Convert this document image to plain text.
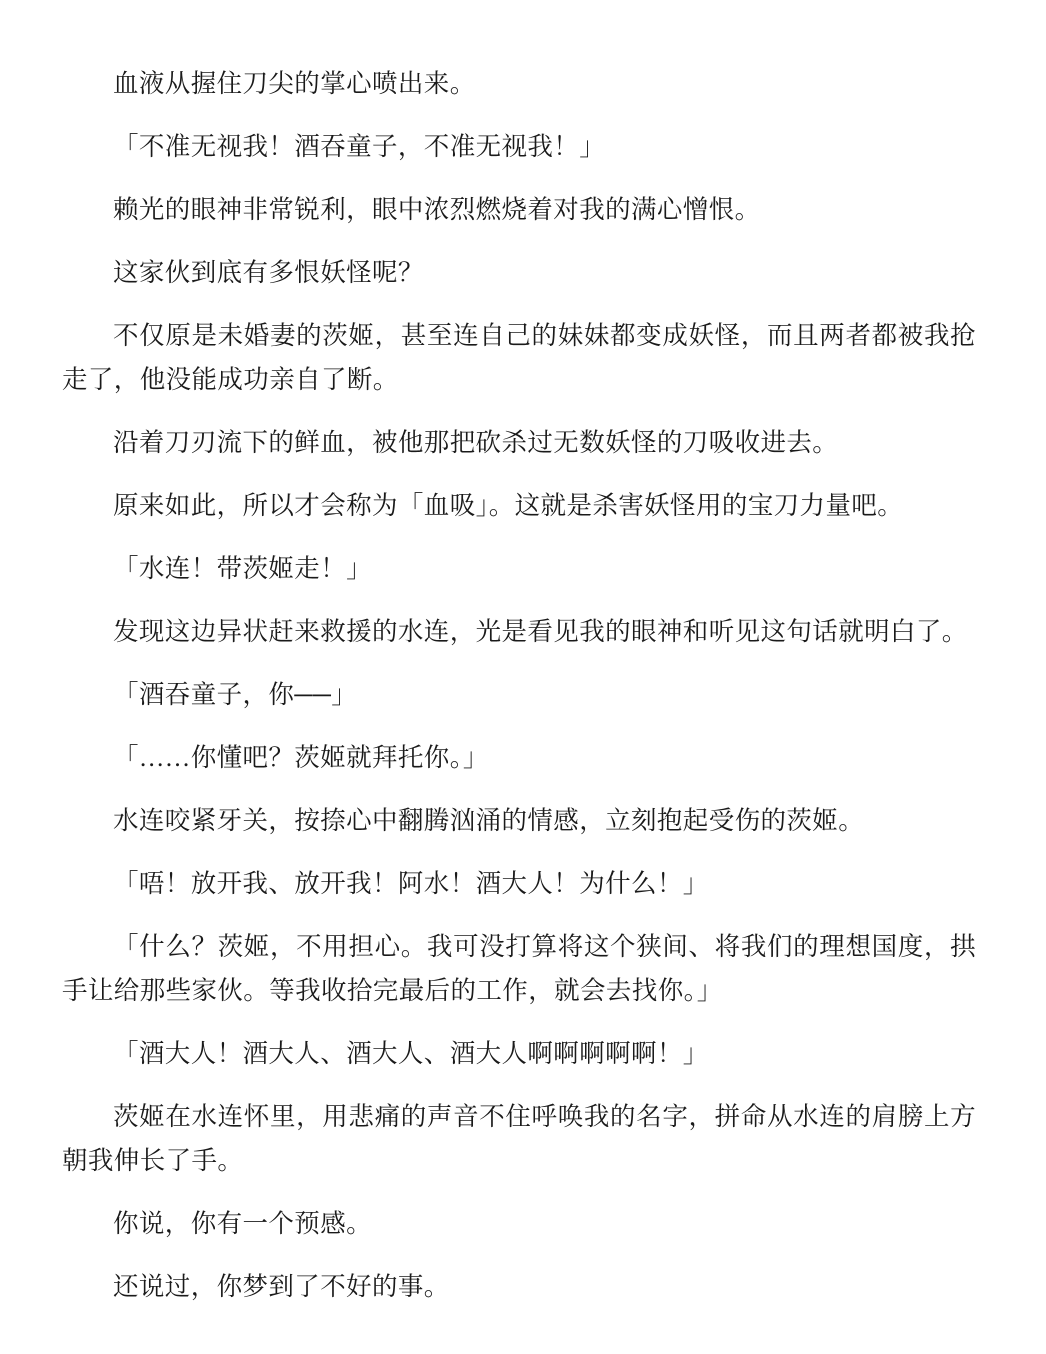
血液从握住刀尖的掌心喷出来。

「不准无视我！酒吞童子，不准无视我！」

赖光的眼神非常锐利，眼中浓烈燃烧着对我的满心憎恨。

这家伙到底有多恨妖怪呢？

不仅原是未婚妻的茨姬，甚至连自己的妹妹都变成妖怪，而且两者都被我抢走了，他没能成功亲自了断。

沿着刀刃流下的鲜血，被他那把砍杀过无数妖怪的刀吸收进去。

原来如此，所以才会称为「血吸」。这就是杀害妖怪用的宝刀力量吧。

「水连！带茨姬走！」

发现这边异状赶来救援的水连，光是看见我的眼神和听见这句话就明白了。

「酒吞童子，你──」

「……你懂吧？茨姬就拜托你。」

水连咬紧牙关，按捺心中翻腾汹涌的情感，立刻抱起受伤的茨姬。

「唔！放开我、放开我！阿水！酒大人！为什么！」

「什么？茨姬，不用担心。我可没打算将这个狭间、将我们的理想国度，拱手让给那些家伙。等我收拾完最后的工作，就会去找你。」

「酒大人！酒大人、酒大人、酒大人啊啊啊啊啊！」

茨姬在水连怀里，用悲痛的声音不住呼唤我的名字，拼命从水连的肩膀上方朝我伸长了手。

你说，你有一个预感。

还说过，你梦到了不好的事。
